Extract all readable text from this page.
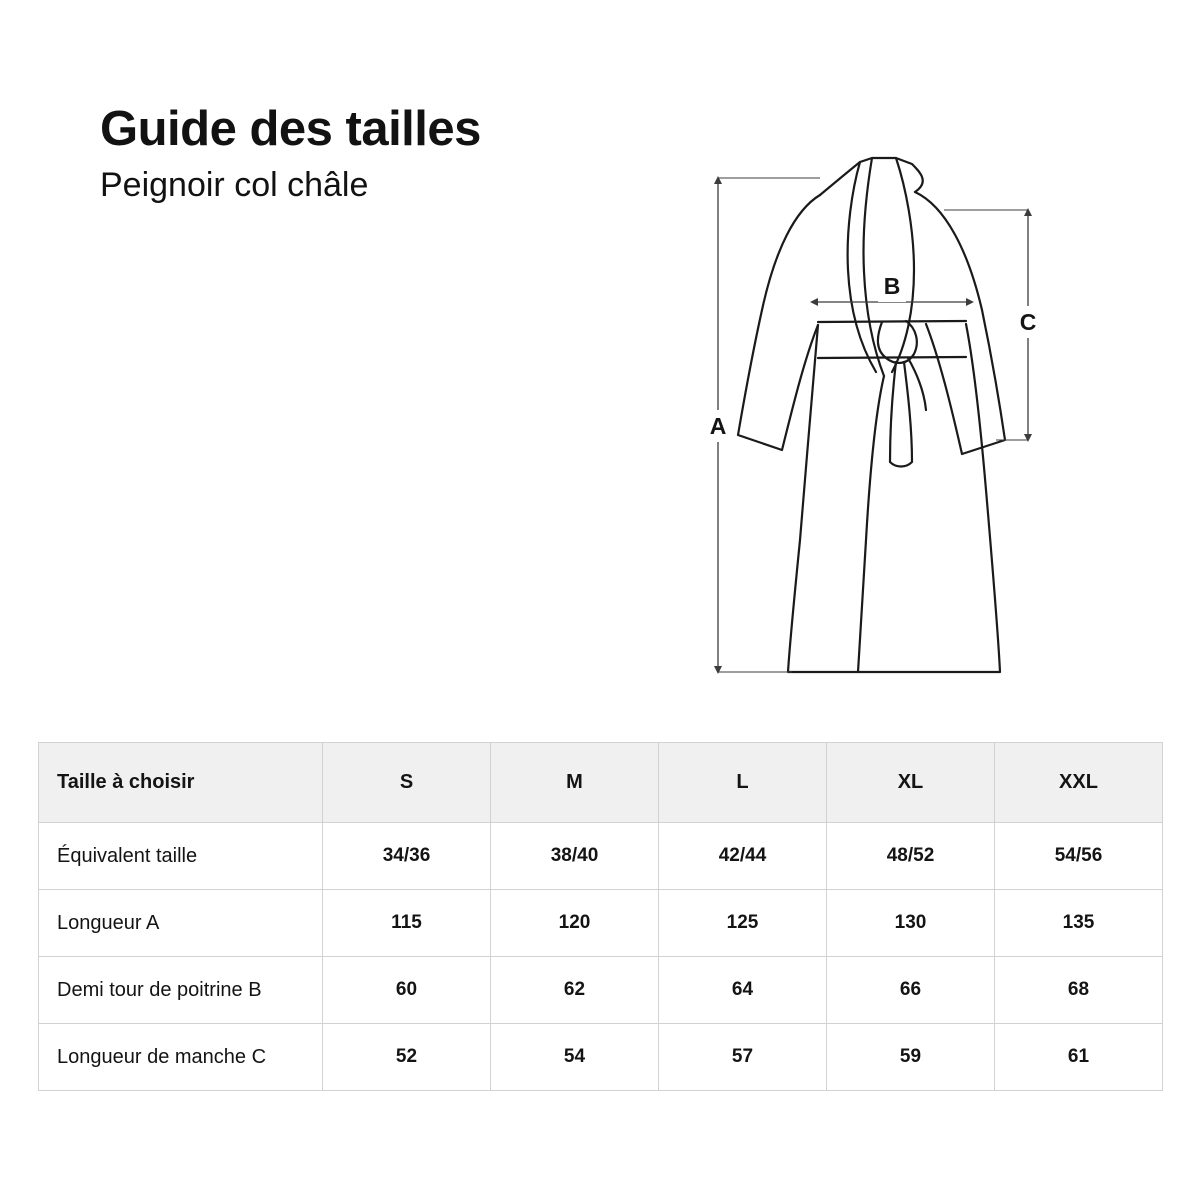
Guide des tailles
Peignoir col châle
A
B
C
Taille à choisir	S	M	L	XL	XXL
Équivalent taille	34/36	38/40	42/44	48/52	54/56
Longueur A	115	120	125	130	135
Demi tour de poitrine B	60	62	64	66	68
Longueur de manche C	52	54	57	59	61
